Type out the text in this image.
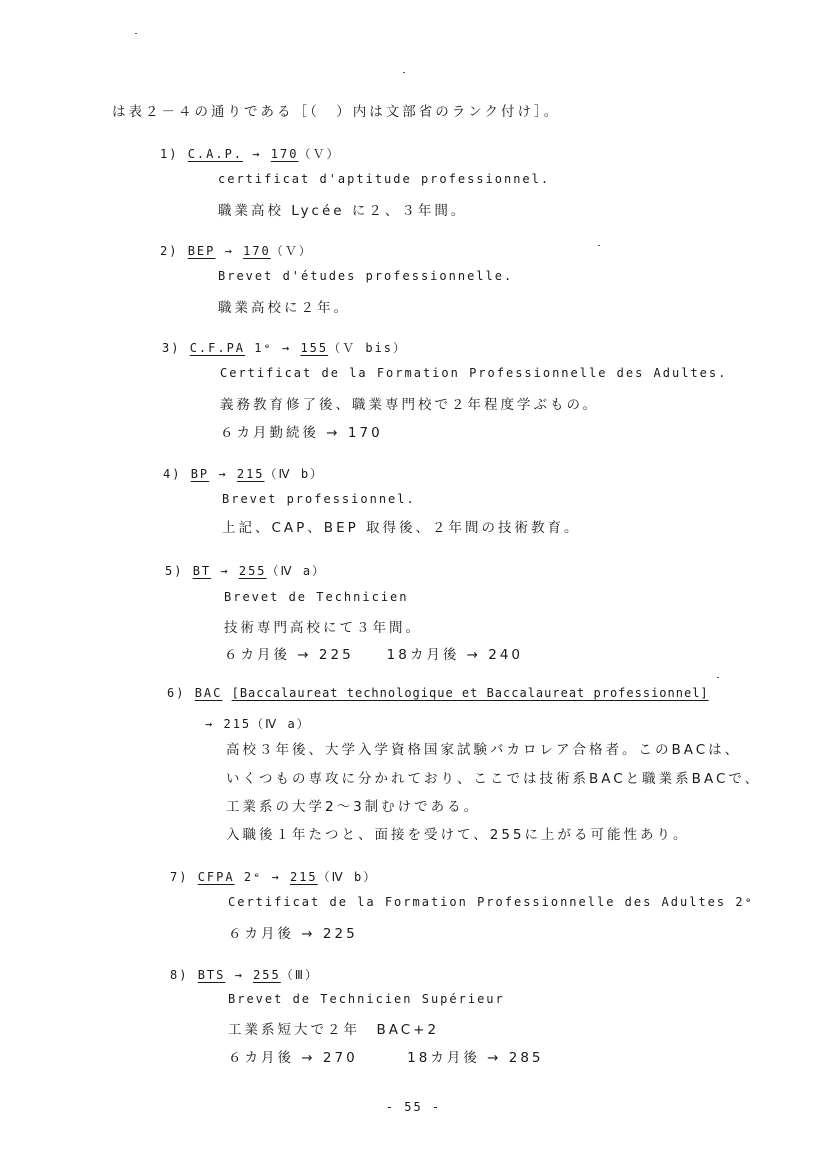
は表２－４の通りである［（　）内は文部省のランク付け］。
1) C.A.P. → 170（Ｖ）
certificat d'aptitude professionnel.
職業高校 Lycée に２、３年間。
2) BEP → 170（Ｖ）
Brevet d'études professionnelle.
職業高校に２年。
3) C.F.PA 1ᵉ → 155（Ｖ bis）
Certificat de la Formation Professionnelle des Adultes.
義務教育修了後、職業専門校で２年程度学ぶもの。
６カ月勤続後 → 170
4) BP → 215（Ⅳ b）
Brevet professionnel.
上記、CAP、BEP 取得後、２年間の技術教育。
5) BT → 255（Ⅳ a）
Brevet de Technicien
技術専門高校にて３年間。
６カ月後 → 225　　18カ月後 → 240
6) BAC [Baccalaureat technologique et Baccalaureat professionnel]
→ 215（Ⅳ a）
高校３年後、大学入学資格国家試験バカロレア合格者。このBACは、
いくつもの専攻に分かれており、ここでは技術系BACと職業系BACで、
工業系の大学2～3制むけである。
入職後１年たつと、面接を受けて、255に上がる可能性あり。
7) CFPA 2ᵉ → 215（Ⅳ b）
Certificat de la Formation Professionnelle des Adultes 2ᵉ
６カ月後 → 225
8) BTS → 255（Ⅲ）
Brevet de Technicien Supérieur
工業系短大で２年　BAC+2
６カ月後 → 270　　　18カ月後 → 285
- 55 -
